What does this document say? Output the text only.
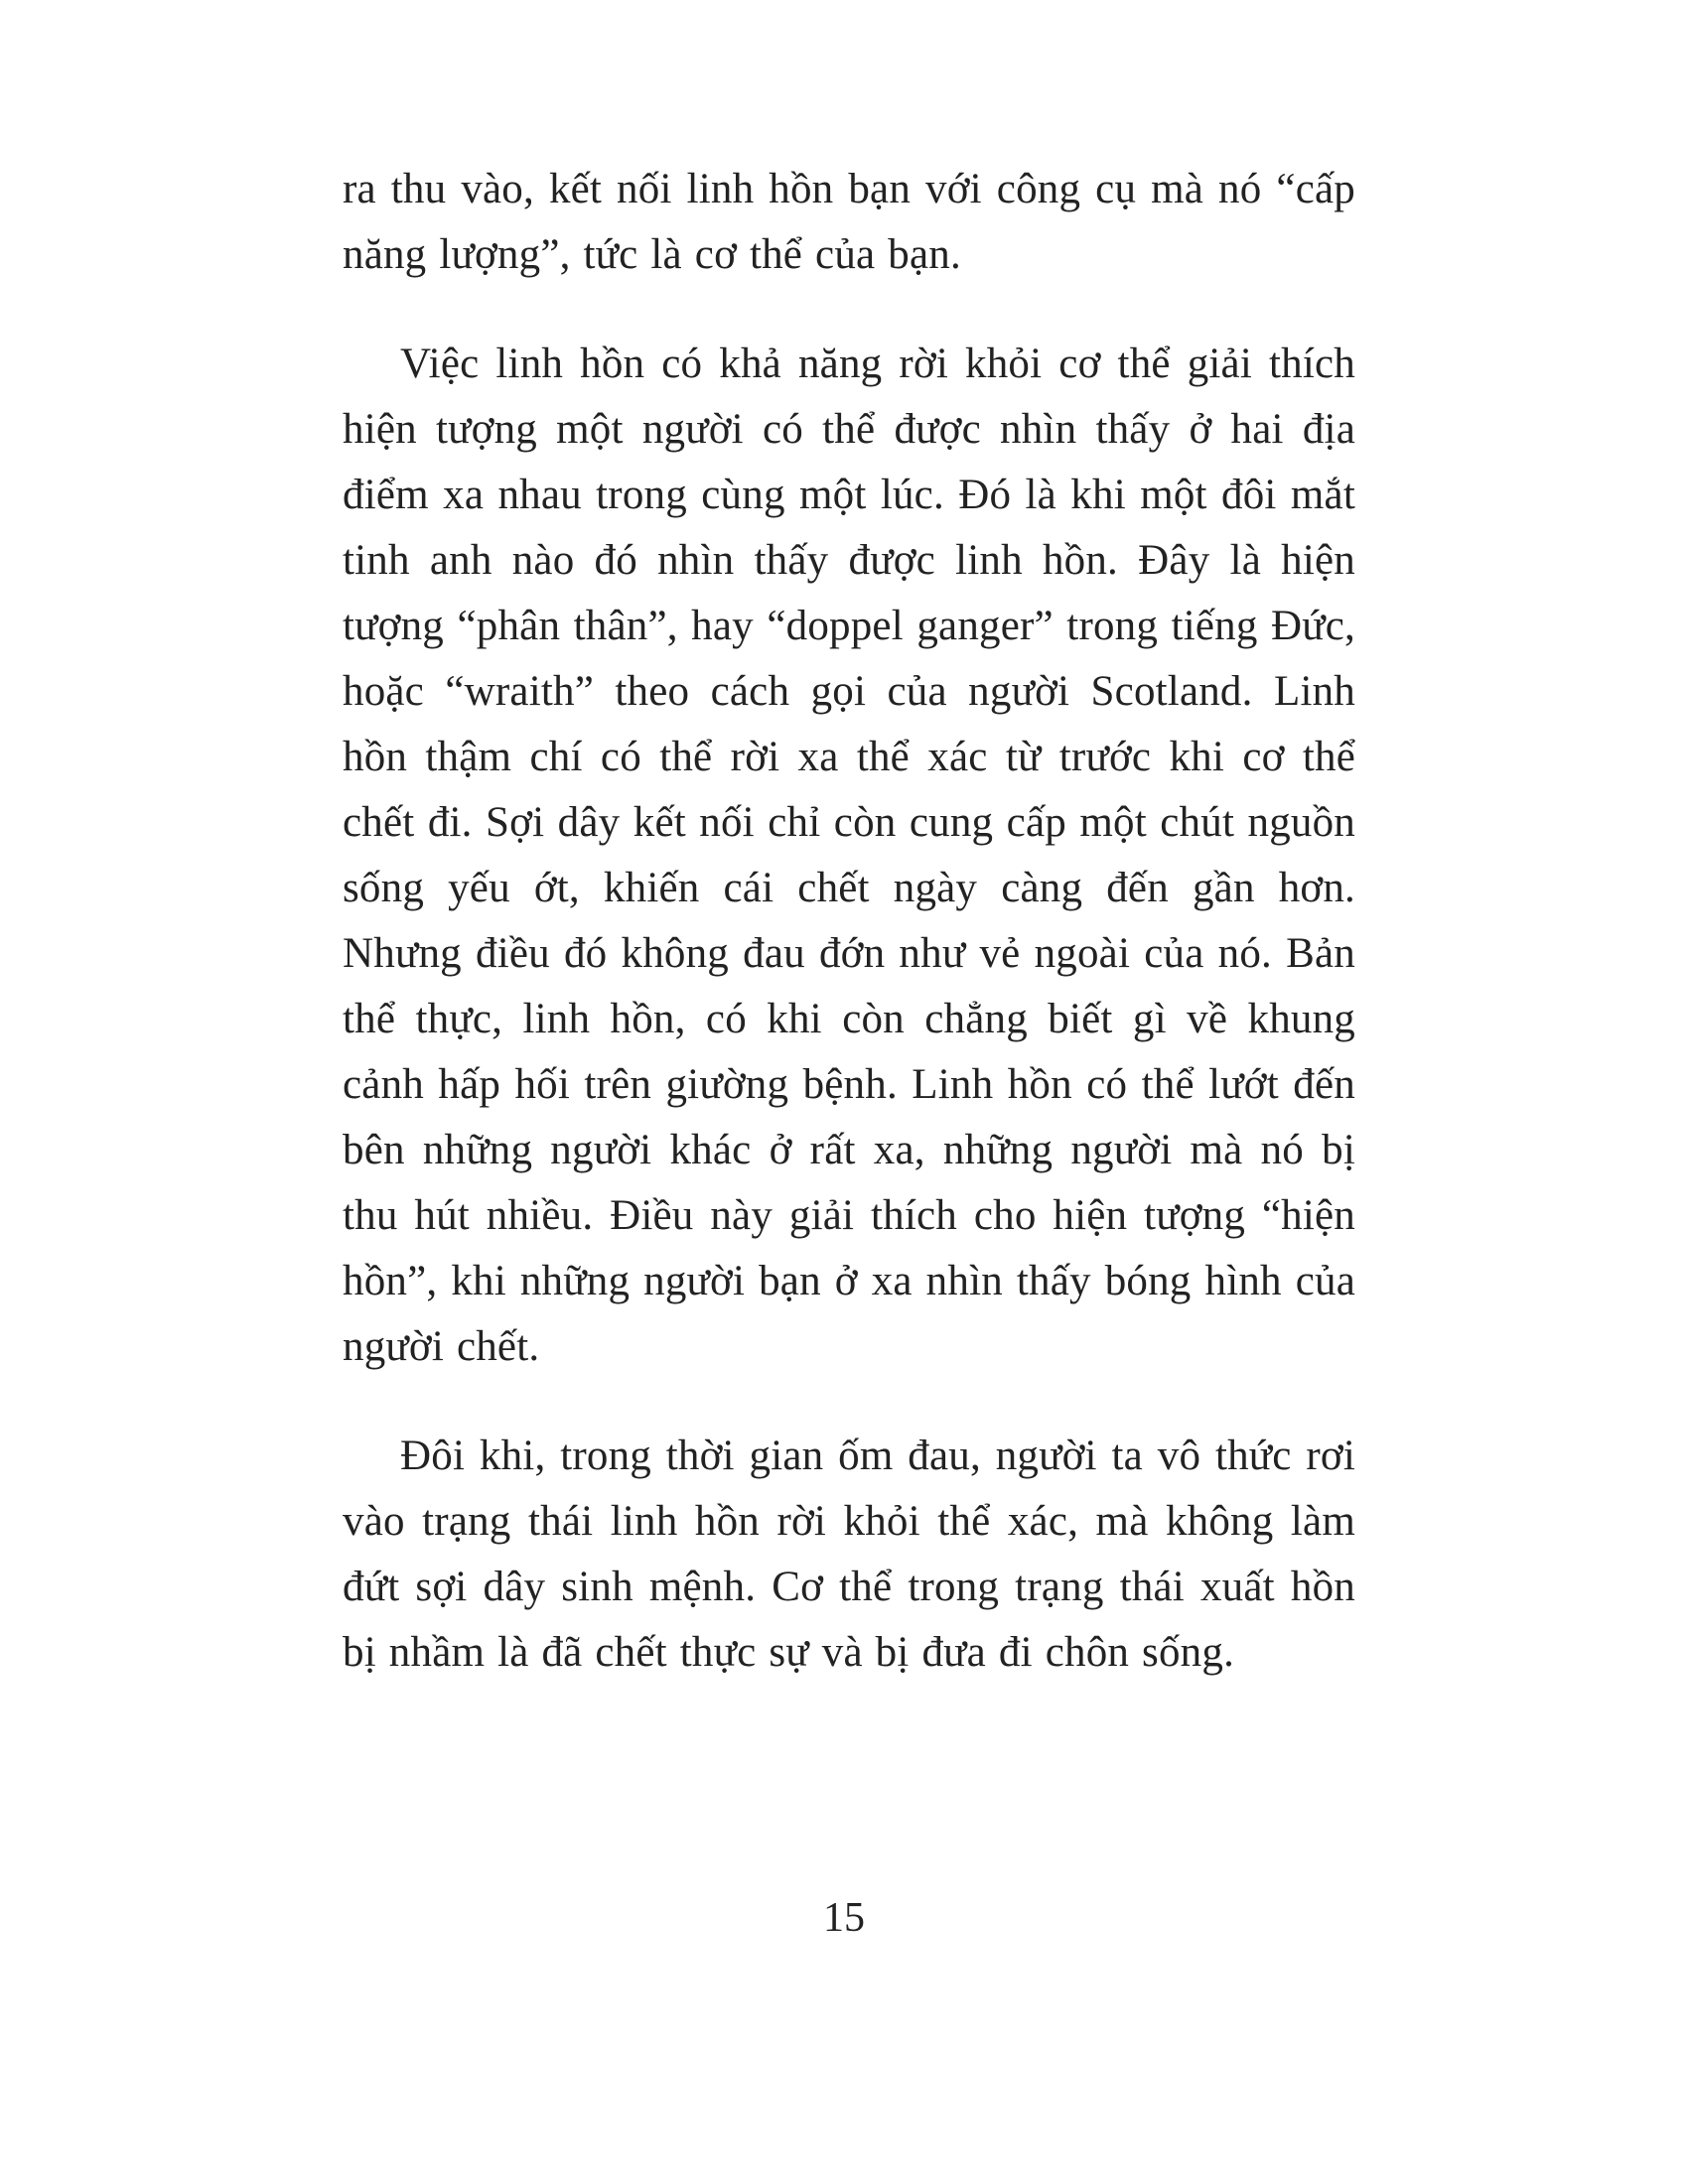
ra thu vào, kết nối linh hồn bạn với công cụ mà nó “cấp năng lượng”, tức là cơ thể của bạn.

Việc linh hồn có khả năng rời khỏi cơ thể giải thích hiện tượng một người có thể được nhìn thấy ở hai địa điểm xa nhau trong cùng một lúc. Đó là khi một đôi mắt tinh anh nào đó nhìn thấy được linh hồn. Đây là hiện tượng “phân thân”, hay “doppel ganger” trong tiếng Đức, hoặc “wraith” theo cách gọi của người Scotland. Linh hồn thậm chí có thể rời xa thể xác từ trước khi cơ thể chết đi. Sợi dây kết nối chỉ còn cung cấp một chút nguồn sống yếu ớt, khiến cái chết ngày càng đến gần hơn. Nhưng điều đó không đau đớn như vẻ ngoài của nó. Bản thể thực, linh hồn, có khi còn chẳng biết gì về khung cảnh hấp hối trên giường bệnh. Linh hồn có thể lướt đến bên những người khác ở rất xa, những người mà nó bị thu hút nhiều. Điều này giải thích cho hiện tượng “hiện hồn”, khi những người bạn ở xa nhìn thấy bóng hình của người chết.

Đôi khi, trong thời gian ốm đau, người ta vô thức rơi vào trạng thái linh hồn rời khỏi thể xác, mà không làm đứt sợi dây sinh mệnh. Cơ thể trong trạng thái xuất hồn bị nhầm là đã chết thực sự và bị đưa đi chôn sống.

15
